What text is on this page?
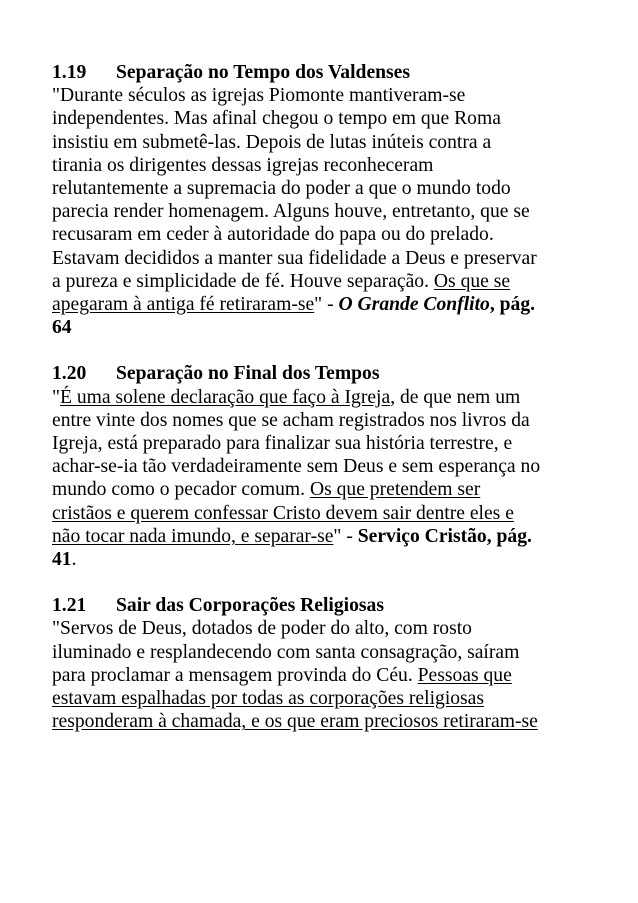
1.19 Separação no Tempo dos Valdenses

"Durante séculos as igrejas Piomonte mantiveram-se
independentes. Mas afinal chegou o tempo em que Roma
insistiu em submetê-las. Depois de lutas inúteis contra a
tirania os dirigentes dessas igrejas reconheceram
relutantemente a supremacia do poder a que o mundo todo
parecia render homenagem. Alguns houve, entretanto, que se
recusaram em ceder à autoridade do papa ou do prelado.
Estavam decididos a manter sua fidelidade a Deus e preservar
a pureza e simplicidade de fé. Houve separação. Os que se
apegaram à antiga fé retiraram-se" - O Grande Conflito, pág.
64

1.20 Separação no Final dos Tempos

"É uma solene declaração que faço à Igreja, de que nem um
entre vinte dos nomes que se acham registrados nos livros da
Igreja, está preparado para finalizar sua história terrestre, e
achar-se-ia tão verdadeiramente sem Deus e sem esperança no
mundo como o pecador comum. Os que pretendem ser
cristãos e querem confessar Cristo devem sair dentre eles e
não tocar nada imundo, e separar-se" - Serviço Cristão, pág.
41.

1.21 Sair das Corporações Religiosas

"Servos de Deus, dotados de poder do alto, com rosto
iluminado e resplandecendo com santa consagração, saíram
para proclamar a mensagem provinda do Céu. Pessoas que
estavam espalhadas por todas as corporações religiosas
responderam à chamada, e os que eram preciosos retiraram-se
